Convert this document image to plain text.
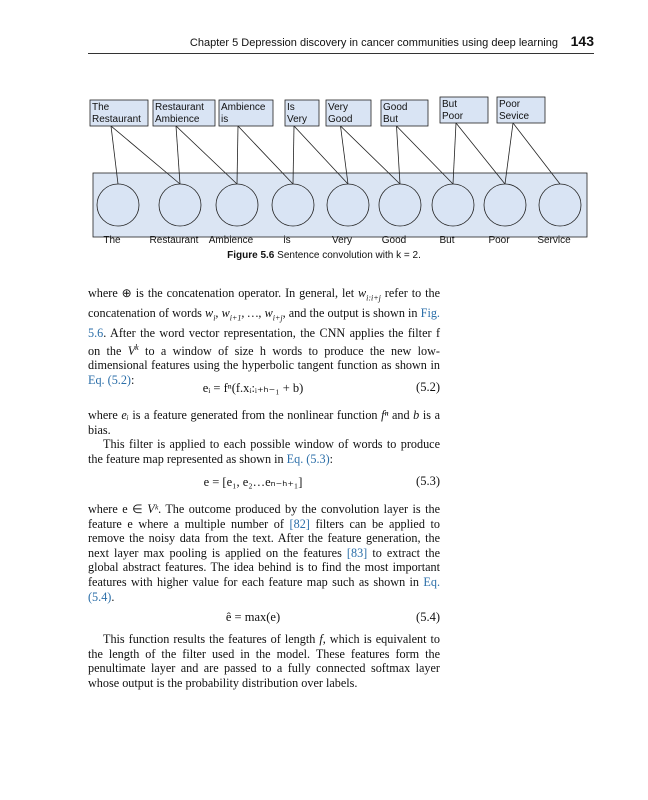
Chapter 5 Depression discovery in cancer communities using deep learning 143
The
Restaurant
Restaurant
Ambience
Ambience
is
Is
Very
Very
Good
Good
But
But
Poor
Poor
Sevice
The	Restaurant Ambience	is	Very	Good	But	Poor	Service
Figure 5.6 Sentence convolution with k = 2.

where ⊕ is the concatenation operator. In general, let $w_{i:i+j}$ refer to the concatenation of words $w_i$, $w_{i+1}$, …, $w_{i+j}$, and the output is shown in Fig. 5.6. After the word vector representation, the CNN applies the filter f on the $V^k$ to a window of size h words to produce the new low-dimensional features using the hyperbolic tangent function as shown in Eq. (5.2):

eᵢ = fⁿ(f.xᵢ:ᵢ₊ₕ₋₁ + b)	(5.2)

where eᵢ is a feature generated from the nonlinear function fⁿ and b is a bias.

This filter is applied to each possible window of words to produce the feature map represented as shown in Eq. (5.3):

e = [e₁, e₂…eₙ₋ₕ₊₁]	(5.3)

where e ∈ Vᵏ. The outcome produced by the convolution layer is the feature e where a multiple number of [82] filters can be applied to remove the noisy data from the text. After the feature generation, the next layer max pooling is applied on the features [83] to extract the global abstract features. The idea behind is to find the most important features with higher value for each feature map such as shown in Eq. (5.4).

ê = max(e)	(5.4)

This function results the features of length f, which is equivalent to the length of the filter used in the model. These features form the penultimate layer and are passed to a fully connected softmax layer whose output is the probability distribution over labels.
